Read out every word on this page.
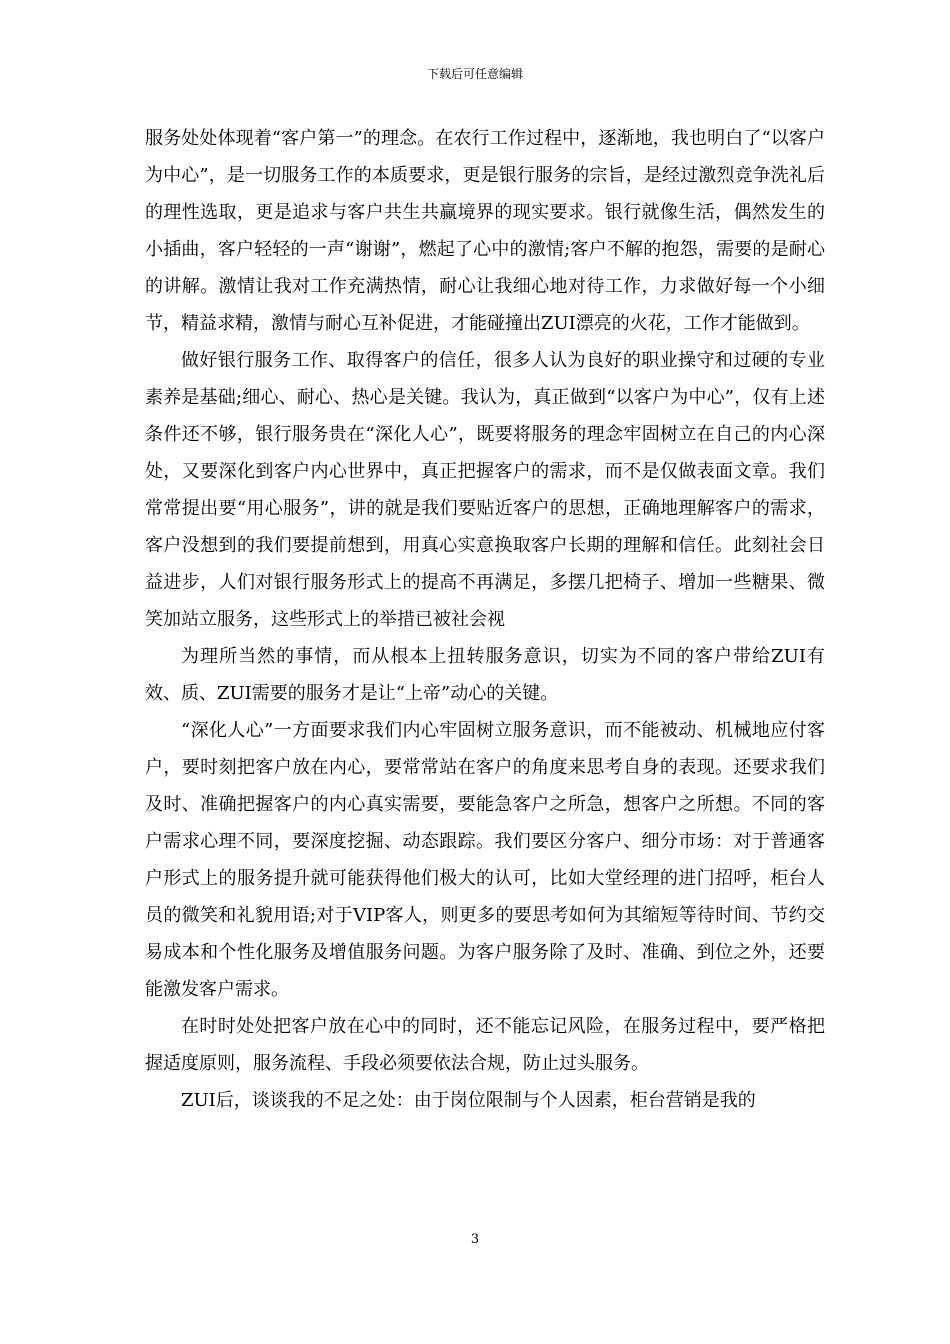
下载后可任意编辑

服务处处体现着“客户第一”的理念。在农行工作过程中，逐渐地，我也明白了“以客户为中心”，是一切服务工作的本质要求，更是银行服务的宗旨，是经过激烈竞争洗礼后的理性选取，更是追求与客户共生共赢境界的现实要求。银行就像生活，偶然发生的小插曲，客户轻轻的一声“谢谢”，燃起了心中的激情;客户不解的抱怨，需要的是耐心的讲解。激情让我对工作充满热情，耐心让我细心地对待工作，力求做好每一个小细节，精益求精，激情与耐心互补促进，才能碰撞出ZUI漂亮的火花，工作才能做到。

做好银行服务工作、取得客户的信任，很多人认为良好的职业操守和过硬的专业素养是基础;细心、耐心、热心是关键。我认为，真正做到“以客户为中心”，仅有上述条件还不够，银行服务贵在“深化人心”，既要将服务的理念牢固树立在自己的内心深处，又要深化到客户内心世界中，真正把握客户的需求，而不是仅做表面文章。我们常常提出要“用心服务”，讲的就是我们要贴近客户的思想，正确地理解客户的需求，客户没想到的我们要提前想到，用真心实意换取客户长期的理解和信任。此刻社会日益进步，人们对银行服务形式上的提高不再满足，多摆几把椅子、增加一些糖果、微笑加站立服务，这些形式上的举措已被社会视

为理所当然的事情，而从根本上扭转服务意识，切实为不同的客户带给ZUI有效、质、ZUI需要的服务才是让“上帝”动心的关键。

“深化人心”一方面要求我们内心牢固树立服务意识，而不能被动、机械地应付客户，要时刻把客户放在内心，要常常站在客户的角度来思考自身的表现。还要求我们及时、准确把握客户的内心真实需要，要能急客户之所急，想客户之所想。不同的客户需求心理不同，要深度挖掘、动态跟踪。我们要区分客户、细分市场：对于普通客户形式上的服务提升就可能获得他们极大的认可，比如大堂经理的进门招呼，柜台人员的微笑和礼貌用语;对于VIP客人，则更多的要思考如何为其缩短等待时间、节约交易成本和个性化服务及增值服务问题。为客户服务除了及时、准确、到位之外，还要能激发客户需求。

在时时处处把客户放在心中的同时，还不能忘记风险，在服务过程中，要严格把握适度原则，服务流程、手段必须要依法合规，防止过头服务。

ZUI后，谈谈我的不足之处：由于岗位限制与个人因素，柜台营销是我的

3
